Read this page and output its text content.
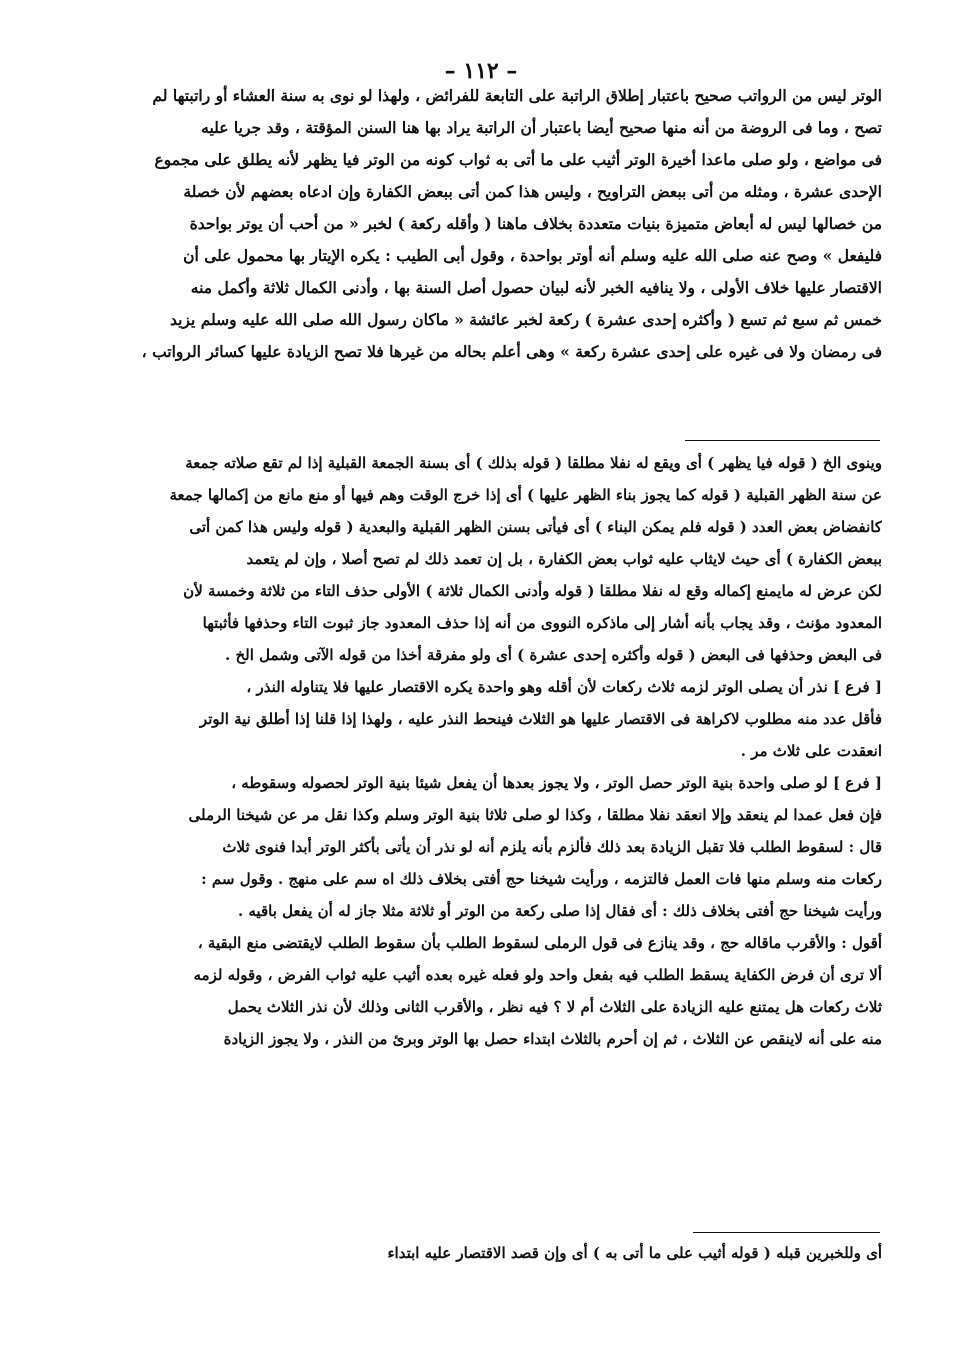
– ١١٢ –
الوتر ليس من الرواتب صحيح باعتبار إطلاق الراتبة على التابعة للفرائض ، ولهذا لو نوى به سنة العشاء أو راتبتها لم
تصح ، وما فى الروضة من أنه منها صحيح أيضا باعتبار أن الراتبة يراد بها هنا السنن المؤقتة ، وقد جريا عليه
فى مواضع ، ولو صلى ماعدا أخيرة الوتر أثيب على ما أتى به ثواب كونه من الوتر فيا يظهر لأنه يطلق على مجموع
الإحدى عشرة ، ومثله من أتى ببعض التراويح ، وليس هذا كمن أتى ببعض الكفارة وإن ادعاه بعضهم لأن خصلة
من خصالها ليس له أبعاض متميزة بنيات متعددة بخلاف ماهنا ( وأقله ركعة ) لخبر « من أحب أن يوتر بواحدة
فليفعل » وصح عنه صلى الله عليه وسلم أنه أوتر بواحدة ، وقول أبى الطيب : يكره الإيتار بها محمول على أن
الاقتصار عليها خلاف الأولى ، ولا ينافيه الخبر لأنه لبيان حصول أصل السنة بها ، وأدنى الكمال ثلاثة وأكمل منه
خمس ثم سبع ثم تسع ( وأكثره إحدى عشرة ) ركعة لخبر عائشة « ماكان رسول الله صلى الله عليه وسلم يزيد
فى رمضان ولا فى غيره على إحدى عشرة ركعة » وهى أعلم بحاله من غيرها فلا تصح الزيادة عليها كسائر الرواتب ،
وينوى الخ ( قوله فيا يظهر ) أى ويقع له نفلا مطلقا ( قوله بذلك ) أى بسنة الجمعة القبلية إذا لم تقع صلاته جمعة
عن سنة الظهر القبلية ( قوله كما يجوز بناء الظهر عليها ) أى إذا خرج الوقت وهم فيها أو منع مانع من إكمالها جمعة
كانفضاض بعض العدد ( قوله فلم يمكن البناء ) أى فيأتى بسنن الظهر القبلية والبعدية ( قوله وليس هذا كمن أتى
ببعض الكفارة ) أى حيث لايثاب عليه ثواب بعض الكفارة ، بل إن تعمد ذلك لم تصح أصلا ، وإن لم يتعمد
لكن عرض له مايمنع إكماله وقع له نفلا مطلقا ( قوله وأدنى الكمال ثلاثة ) الأولى حذف التاء من ثلاثة وخمسة لأن
المعدود مؤنث ، وقد يجاب بأنه أشار إلى ماذكره النووى من أنه إذا حذف المعدود جاز ثبوت التاء وحذفها فأثبتها
فى البعض وحذفها فى البعض ( قوله وأكثره إحدى عشرة ) أى ولو مفرقة أخذا من قوله الآتى وشمل الخ .
[ فرع ] نذر أن يصلى الوتر لزمه ثلاث ركعات لأن أقله وهو واحدة يكره الاقتصار عليها فلا يتناوله النذر ،
فأقل عدد منه مطلوب لاكراهة فى الاقتصار عليها هو الثلاث فينحط النذر عليه ، ولهذا إذا قلنا إذا أطلق نية الوتر
انعقدت على ثلاث مر .
[ فرع ] لو صلى واحدة بنية الوتر حصل الوتر ، ولا يجوز بعدها أن يفعل شيئا بنية الوتر لحصوله وسقوطه ،
فإن فعل عمدا لم ينعقد وإلا انعقد نفلا مطلقا ، وكذا لو صلى ثلاثا بنية الوتر وسلم وكذا نقل مر عن شيخنا الرملى
قال : لسقوط الطلب فلا تقبل الزيادة بعد ذلك فألزم بأنه يلزم أنه لو نذر أن يأتى بأكثر الوتر أبدا فنوى ثلاث
ركعات منه وسلم منها فات العمل فالتزمه ، ورأيت شيخنا حج أفتى بخلاف ذلك اه سم على منهج . وقول سم :
ورأيت شيخنا حج أفتى بخلاف ذلك : أى فقال إذا صلى ركعة من الوتر أو ثلاثة مثلا جاز له أن يفعل باقيه .
أقول : والأقرب ماقاله حج ، وقد ينازع فى قول الرملى لسقوط الطلب بأن سقوط الطلب لايقتضى منع البقية ،
ألا ترى أن فرض الكفاية يسقط الطلب فيه بفعل واحد ولو فعله غيره بعده أثيب عليه ثواب الفرض ، وقوله لزمه
ثلاث ركعات هل يمتنع عليه الزيادة على الثلاث أم لا ؟ فيه نظر ، والأقرب الثانى وذلك لأن نذر الثلاث يحمل
منه على أنه لاينقص عن الثلاث ، ثم إن أحرم بالثلاث ابتداء حصل بها الوتر وبرئ من النذر ، ولا يجوز الزيادة
أى وللخبرين قبله ( قوله أثيب على ما أتى به ) أى وإن قصد الاقتصار عليه ابتداء
